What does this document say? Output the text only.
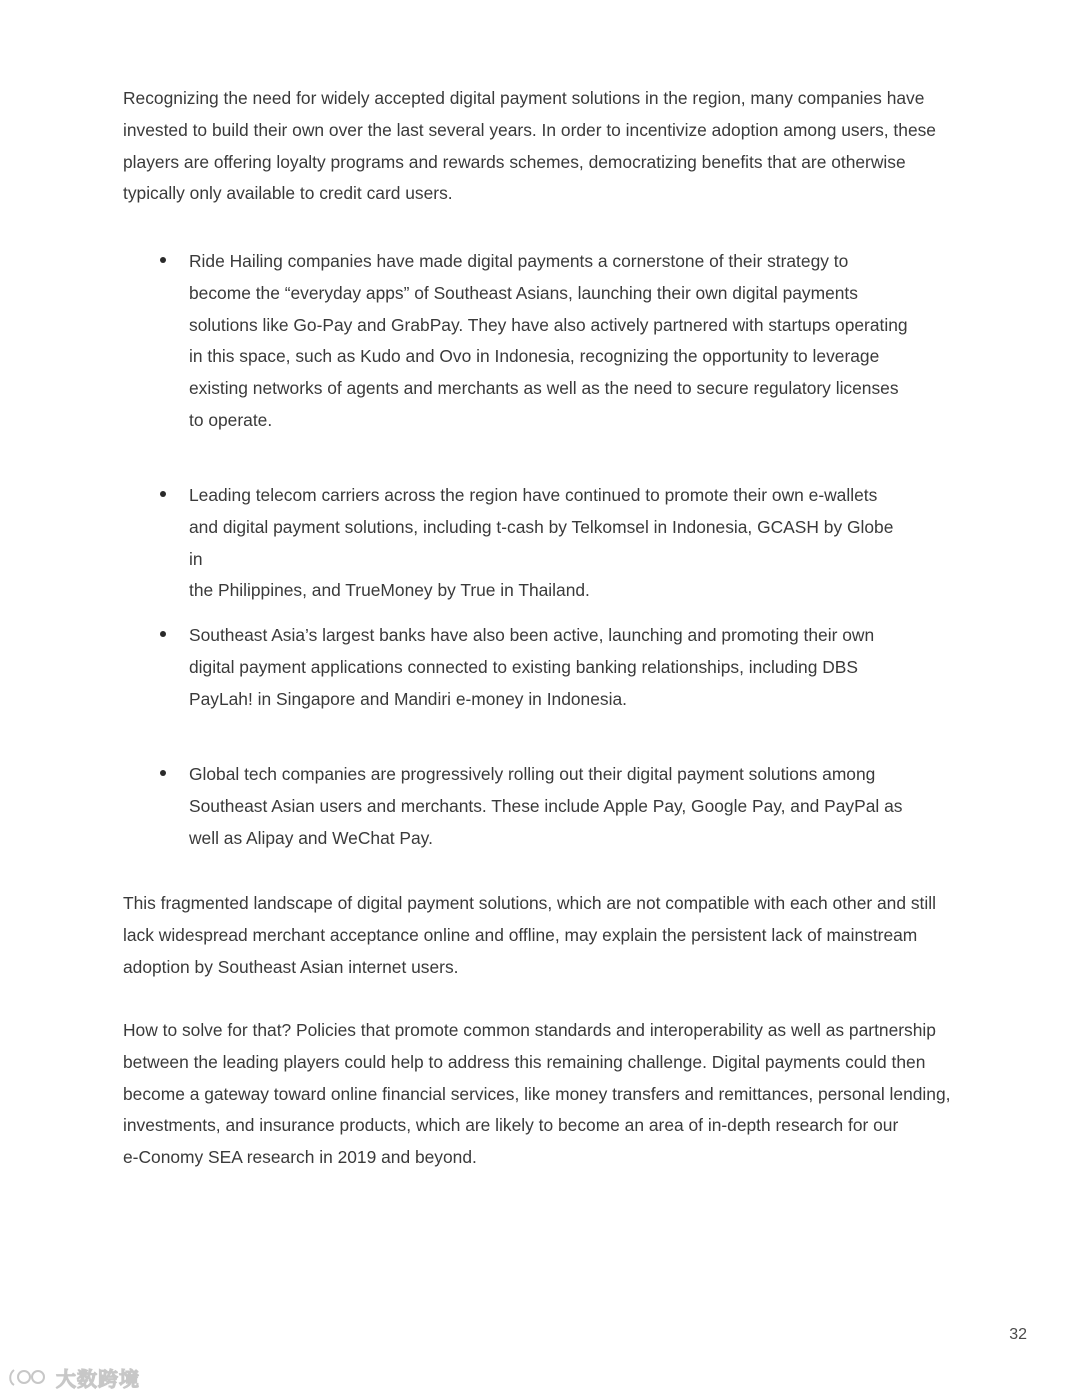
Recognizing the need for widely accepted digital payment solutions in the region, many companies have
invested to build their own over the last several years. In order to incentivize adoption among users, these
players are offering loyalty programs and rewards schemes, democratizing benefits that are otherwise
typically only available to credit card users.

Ride Hailing companies have made digital payments a cornerstone of their strategy to
become the “everyday apps” of Southeast Asians, launching their own digital payments
solutions like Go-Pay and GrabPay. They have also actively partnered with startups operating
in this space, such as Kudo and Ovo in Indonesia, recognizing the opportunity to leverage
existing networks of agents and merchants as well as the need to secure regulatory licenses
to operate.

Leading telecom carriers across the region have continued to promote their own e-wallets
and digital payment solutions, including t-cash by Telkomsel in Indonesia, GCASH by Globe in
the Philippines, and TrueMoney by True in Thailand.

Southeast Asia’s largest banks have also been active, launching and promoting their own
digital payment applications connected to existing banking relationships, including DBS
PayLah! in Singapore and Mandiri e-money in Indonesia.

Global tech companies are progressively rolling out their digital payment solutions among
Southeast Asian users and merchants. These include Apple Pay, Google Pay, and PayPal as
well as Alipay and WeChat Pay.

This fragmented landscape of digital payment solutions, which are not compatible with each other and still
lack widespread merchant acceptance online and offline, may explain the persistent lack of mainstream
adoption by Southeast Asian internet users.

How to solve for that? Policies that promote common standards and interoperability as well as partnership
between the leading players could help to address this remaining challenge. Digital payments could then
become a gateway toward online financial services, like money transfers and remittances, personal lending,
investments, and insurance products, which are likely to become an area of in-depth research for our
e-Conomy SEA research in 2019 and beyond.

32
大数跨境
